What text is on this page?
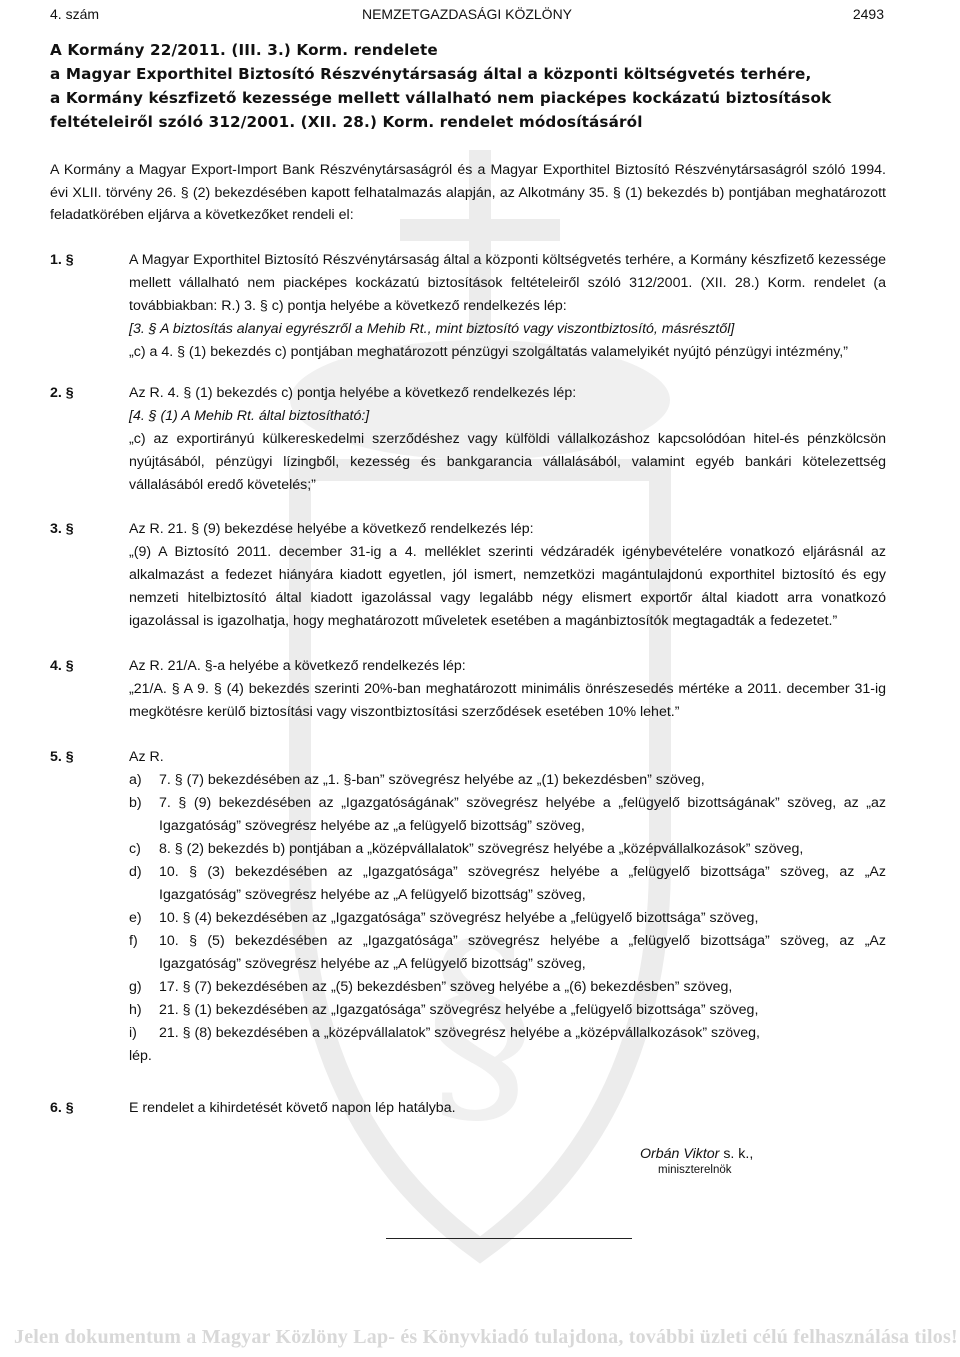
§
4. szám	NEMZETGAZDASÁGI KÖZLÖNY	2493
A Kormány 22/2011. (III. 3.) Korm. rendelete
a Magyar Exporthitel Biztosító Részvénytársaság által a központi költségvetés terhére,
a Kormány készfizető kezessége mellett vállalható nem piacképes kockázatú biztosítások
feltételeiről szóló 312/2001. (XII. 28.) Korm. rendelet módosításáról
A Kormány a Magyar Export-Import Bank Részvénytársaságról és a Magyar Exporthitel Biztosító Részvénytársaságról szóló 1994. évi XLII. törvény 26. § (2) bekezdésében kapott felhatalmazás alapján, az Alkotmány 35. § (1) bekezdés b) pontjában meghatározott feladatkörében eljárva a következőket rendeli el:
1. §	A Magyar Exporthitel Biztosító Részvénytársaság által a központi költségvetés terhére, a Kormány készfizető kezessége mellett vállalható nem piacképes kockázatú biztosítások feltételeiről szóló 312/2001. (XII. 28.) Korm. rendelet (a továbbiakban: R.) 3. § c) pontja helyébe a következő rendelkezés lép:

[3. § A biztosítás alanyai egyrészről a Mehib Rt., mint biztosító vagy viszontbiztosító, másrésztől]

„c) a 4. § (1) bekezdés c) pontjában meghatározott pénzügyi szolgáltatás valamelyikét nyújtó pénzügyi intézmény,”

2. §	Az R. 4. § (1) bekezdés c) pontja helyébe a következő rendelkezés lép:

[4. § (1) A Mehib Rt. által biztosítható:]

„c) az exportirányú külkereskedelmi szerződéshez vagy külföldi vállalkozáshoz kapcsolódóan hitel-és pénzkölcsön nyújtásából, pénzügyi lízingből, kezesség és bankgarancia vállalásából, valamint egyéb bankári kötelezettség vállalásából eredő követelés;”

3. §	Az R. 21. § (9) bekezdése helyébe a következő rendelkezés lép:

„(9) A Biztosító 2011. december 31-ig a 4. melléklet szerinti védzáradék igénybevételére vonatkozó eljárásnál az alkalmazást a fedezet hiányára kiadott egyetlen, jól ismert, nemzetközi magántulajdonú exporthitel biztosító és egy nemzeti hitelbiztosító által kiadott igazolással vagy legalább négy elismert exportőr által kiadott arra vonatkozó igazolással is igazolhatja, hogy meghatározott műveletek esetében a magánbiztosítók megtagadták a fedezetet.”

4. §	Az R. 21/A. §-a helyébe a következő rendelkezés lép:

„21/A. § A 9. § (4) bekezdés szerinti 20%-ban meghatározott minimális önrészesedés mértéke a 2011. december 31-ig megkötésre kerülő biztosítási vagy viszontbiztosítási szerződések esetében 10% lehet.”

5. §	Az R.

a) 7. § (7) bekezdésében az „1. §-ban” szövegrész helyébe az „(1) bekezdésben” szöveg,
b) 7. § (9) bekezdésében az „Igazgatóságának” szövegrész helyébe a „felügyelő bizottságának” szöveg, az „az Igazgatóság” szövegrész helyébe az „a felügyelő bizottság” szöveg,
c) 8. § (2) bekezdés b) pontjában a „középvállalatok” szövegrész helyébe a „középvállalkozások” szöveg,
d) 10. § (3) bekezdésében az „Igazgatósága” szövegrész helyébe a „felügyelő bizottsága” szöveg, az „Az Igazgatóság” szövegrész helyébe az „A felügyelő bizottság” szöveg,
e) 10. § (4) bekezdésében az „Igazgatósága” szövegrész helyébe a „felügyelő bizottsága” szöveg,
f) 10. § (5) bekezdésében az „Igazgatósága” szövegrész helyébe a „felügyelő bizottsága” szöveg, az „Az Igazgatóság” szövegrész helyébe az „A felügyelő bizottság” szöveg,
g) 17. § (7) bekezdésében az „(5) bekezdésben” szöveg helyébe a „(6) bekezdésben” szöveg,
h) 21. § (1) bekezdésében az „Igazgatósága” szövegrész helyébe a „felügyelő bizottsága” szöveg,
i) 21. § (8) bekezdésében a „középvállalatok” szövegrész helyébe a „középvállalkozások” szöveg,

lép.

6. §	E rendelet a kihirdetését követő napon lép hatályba.

Orbán Viktor s. k.,
miniszterelnök
Jelen dokumentum a Magyar Közlöny Lap- és Könyvkiadó tulajdona, további üzleti célú felhasználása tilos!
